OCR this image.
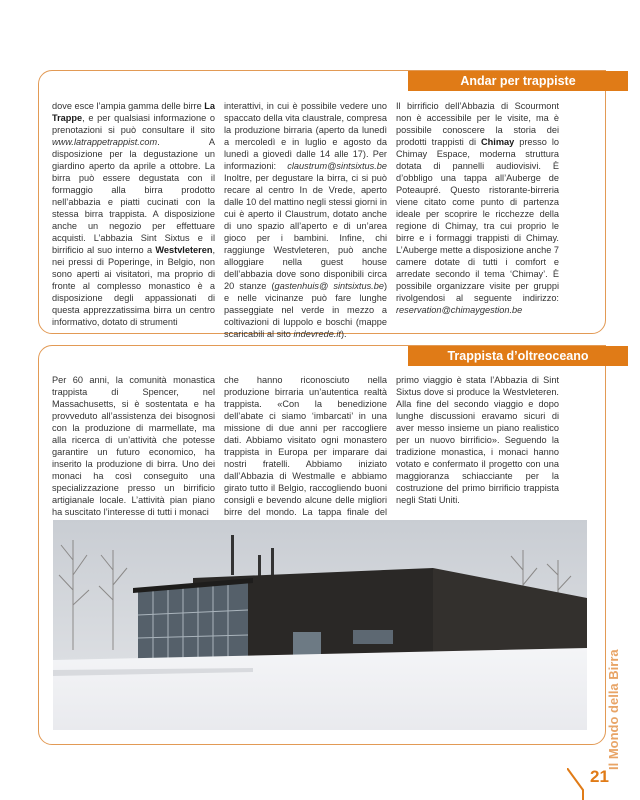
Andar per trappiste

dove esce l’ampia gamma delle birre La Trappe, e per qualsiasi informazione o prenotazioni si può consultare il sito www.latrappetrappist.com. A disposizione per la degustazione un giardino aperto da aprile a ottobre. La birra può essere degustata con il formaggio alla birra prodotto nell’abbazia e piatti cucinati con la stessa birra trappista. A disposizione anche un negozio per effettuare acquisti. L’abbazia Sint Sixtus e il birrificio al suo interno a Westvleteren, nei pressi di Poperinge, in Belgio, non sono aperti ai visitatori, ma proprio di fronte al complesso monastico è a disposizione degli appassionati di questa apprezzatissima birra un centro informativo, dotato di strumenti

interattivi, in cui è possibile vedere uno spaccato della vita claustrale, compresa la produzione birraria (aperto da lunedì a mercoledì e in luglio e agosto da lunedì a giovedì dalle 14 alle 17). Per informazioni: claustrum@sintsixtus.be Inoltre, per degustare la birra, ci si può recare al centro In de Vrede, aperto dalle 10 del mattino negli stessi giorni in cui è aperto il Claustrum, dotato anche di uno spazio all’aperto e di un’area gioco per i bambini. Infine, chi raggiunge Westvleteren, può anche alloggiare nella guest house dell’abbazia dove sono disponibili circa 20 stanze (gastenhuis@ sintsixtus.be) e nelle vicinanze può fare lunghe passeggiate nel verde in mezzo a coltivazioni di luppolo e boschi (mappe scaricabili al sito indevrede.it).

Il birrificio dell’Abbazia di Scourmont non è accessibile per le visite, ma è possibile conoscere la storia dei prodotti trappisti di Chimay presso lo Chimay Espace, moderna struttura dotata di pannelli audiovisivi. È d’obbligo una tappa all’Auberge de Poteaupré. Questo ristorante-birreria viene citato come punto di partenza ideale per scoprire le ricchezze della regione di Chimay, tra cui proprio le birre e i formaggi trappisti di Chimay. L’Auberge mette a disposizione anche 7 camere dotate di tutti i comfort e arredate secondo il tema ‘Chimay’. È possibile organizzare visite per gruppi rivolgendosi al seguente indirizzo: reservation@chimaygestion.be

Trappista d’oltreoceano
Per 60 anni, la comunità monastica trappista di Spencer, nel Massachusetts, si è sostentata e ha provveduto all’assistenza dei bisognosi con la produzione di marmellate, ma alla ricerca di un’attività che potesse garantire un futuro economico, ha inserito la produzione di birra. Uno dei monaci ha così conseguito una specializzazione presso un birrificio artigianale locale. L’attività pian piano ha suscitato l’interesse di tutti i monaci
che hanno riconosciuto nella produzione birraria un’autentica realtà trappista. «Con la benedizione dell’abate ci siamo ‘imbarcati’ in una missione di due anni per raccogliere dati. Abbiamo visitato ogni monastero trappista in Europa per imparare dai nostri fratelli. Abbiamo iniziato dall’Abbazia di Westmalle e abbiamo girato tutto il Belgio, raccogliendo buoni consigli e bevendo alcune delle migliori birre del mondo. La tappa finale del
primo viaggio è stata l’Abbazia di Sint Sixtus dove si produce la Westvleteren. Alla fine del secondo viaggio e dopo lunghe discussioni eravamo sicuri di aver messo insieme un piano realistico per un nuovo birrificio». Seguendo la tradizione monastica, i monaci hanno votato e confermato il progetto con una maggioranza schiacciante per la costruzione del primo birrificio trappista negli Stati Uniti.
Il Mondo della Birra
21
